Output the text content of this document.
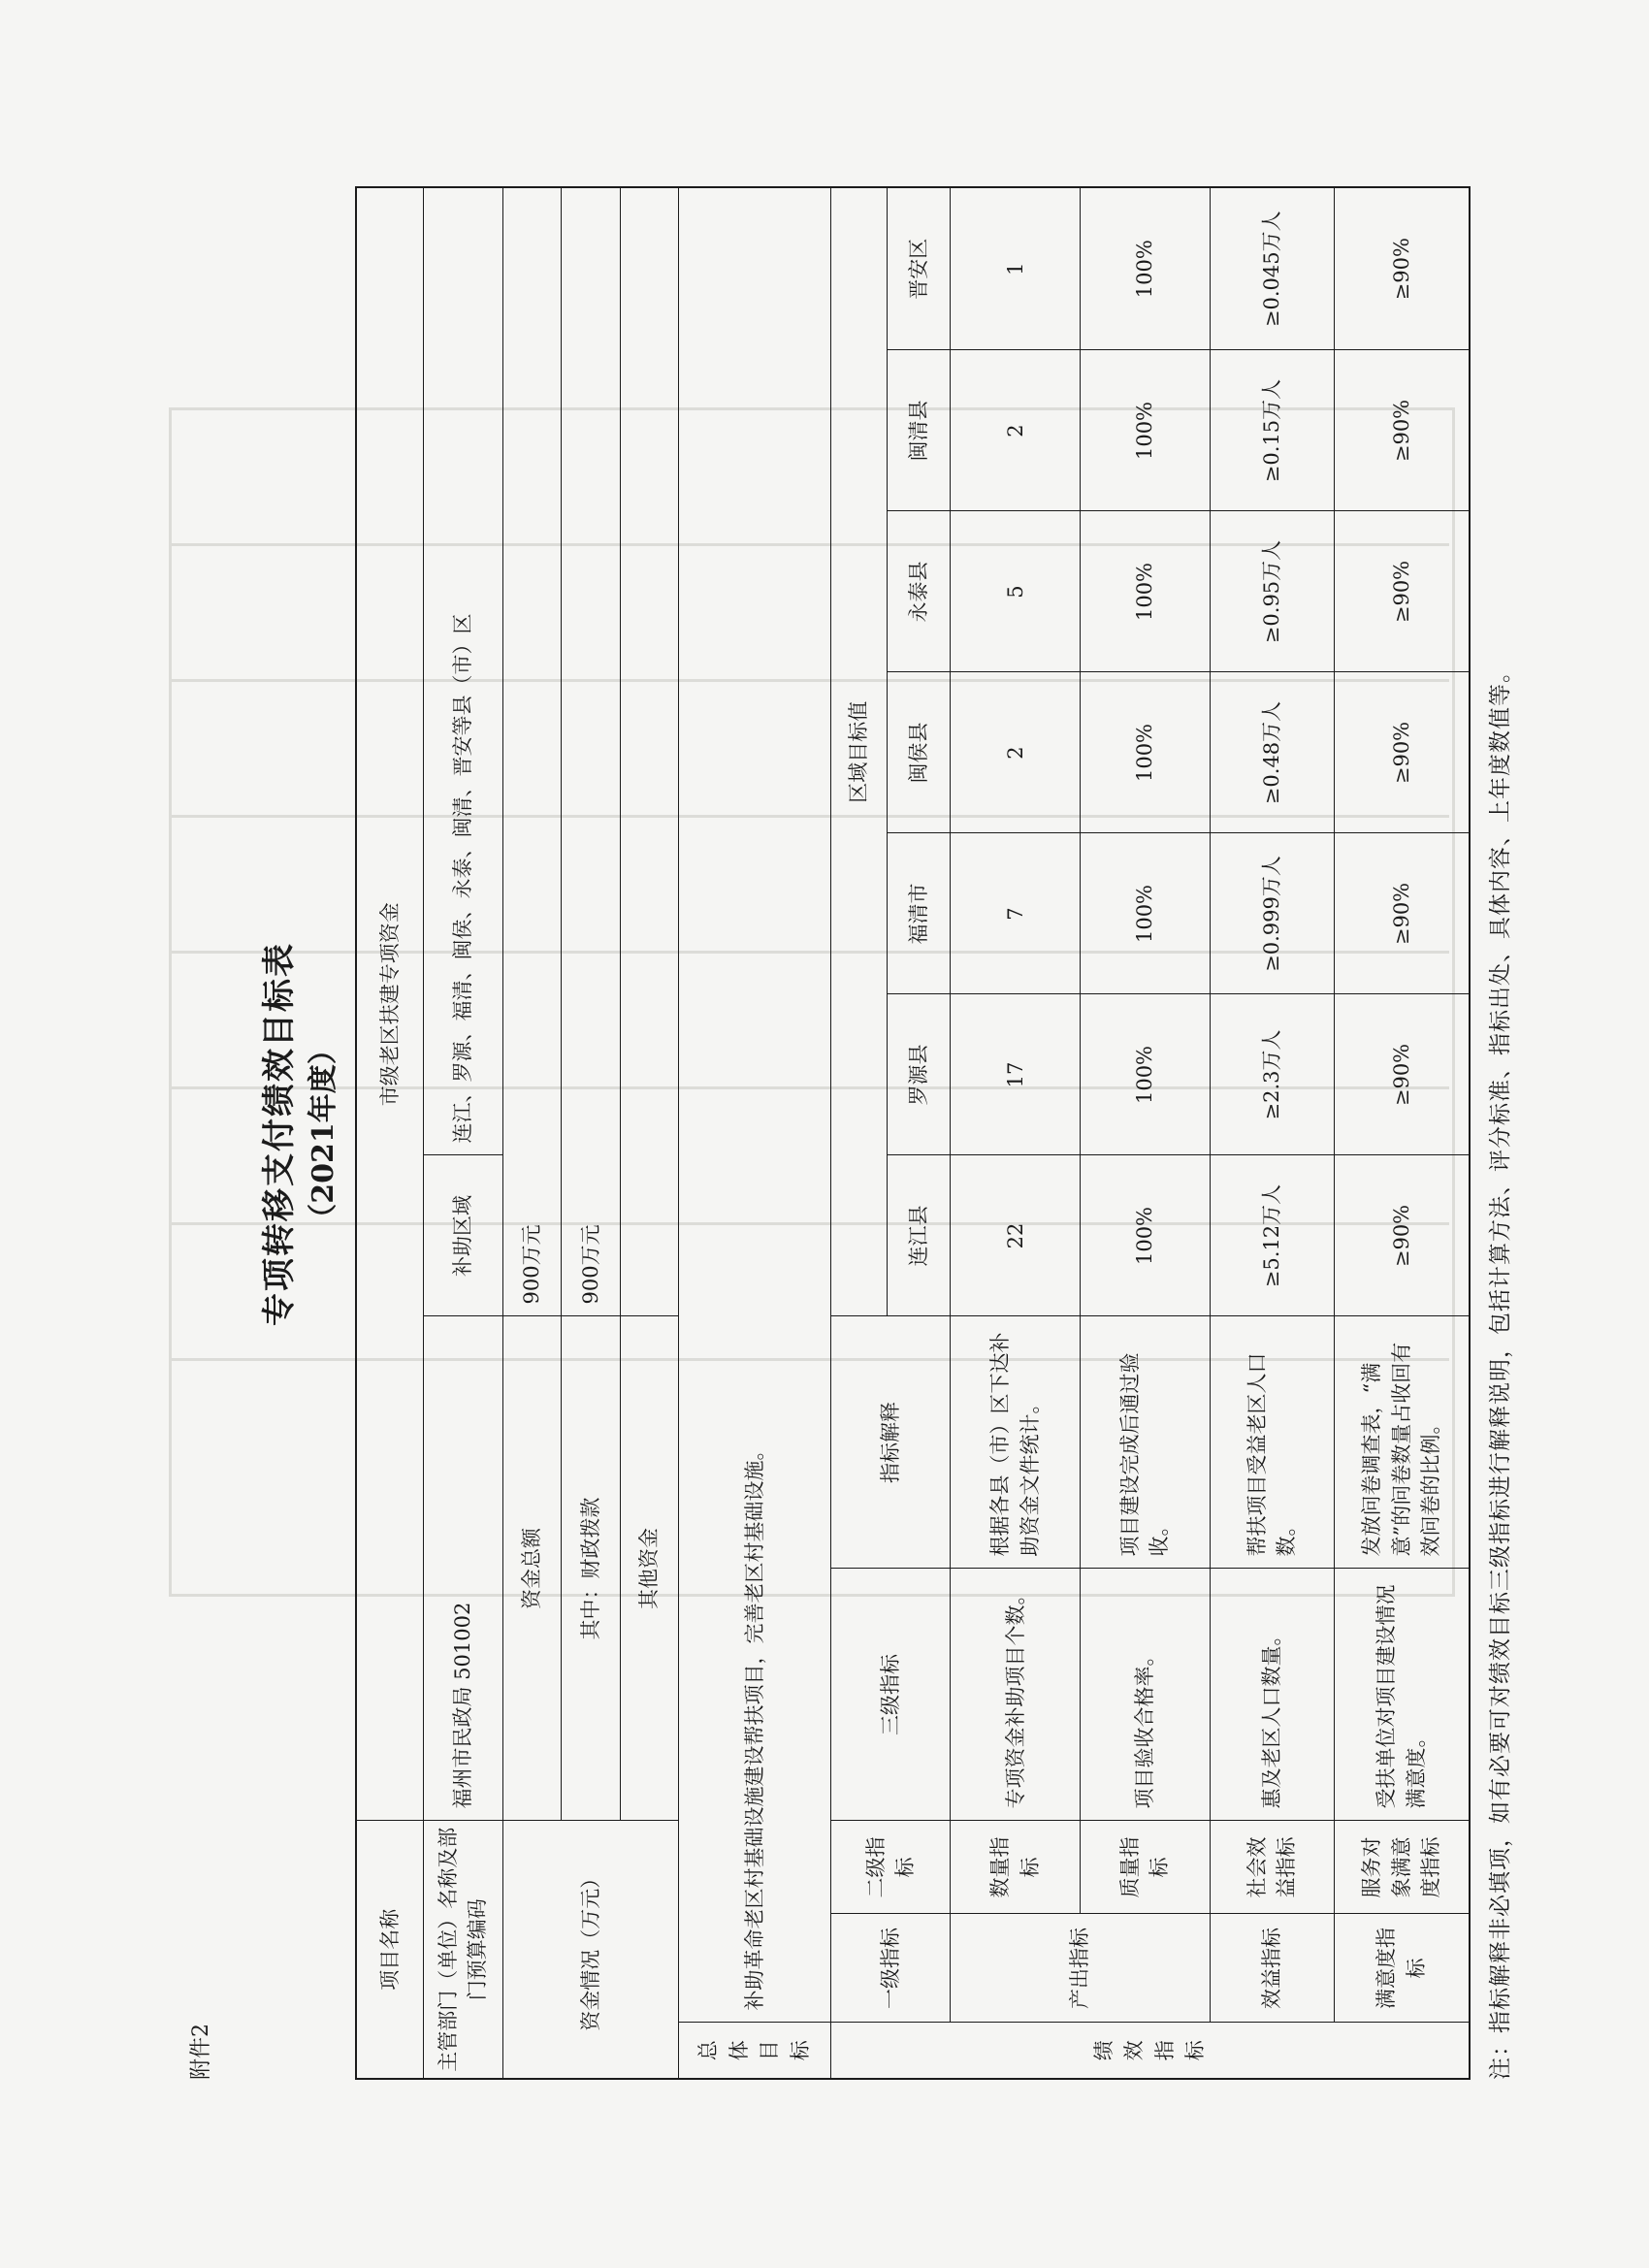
附件2
专项转移支付绩效目标表 （2021年度）
项目名称			市级老区扶建专项资金								
主管部门（单位）名称及部门预算编码			福州市民政局 501002		补助区域	连江、罗源、福清、闽侯、永泰、闽清、晋安等县（市）区					
资金情况（万元）			资金总额		900万元						
			其中：财政拨款		900万元						
			其他资金								
总体目标	补助革命老区村基础设施建设帮扶项目，完善老区村基础设施。										
绩效指标	一级指标	二级指标	三级指标	指标解释	区域目标值						
					连江县	罗源县	福清市	闽侯县	永泰县	闽清县	晋安区
	产出指标	数量指标	专项资金补助项目个数。	根据各县（市）区下达补助资金文件统计。	22	17	7	2	5	2	1
		质量指标	项目验收合格率。	项目建设完成后通过验收。	100%	100%	100%	100%	100%	100%	100%
	效益指标	社会效益指标	惠及老区人口数量。	帮扶项目受益老区人口数。	≥5.12万人	≥2.3万人	≥0.999万人	≥0.48万人	≥0.95万人	≥0.15万人	≥0.045万人
	满意度指标	服务对象满意度指标	受扶单位对项目建设情况满意度。	发放问卷调查表，“满意”的问卷数量占收回有效问卷的比例。	≥90%	≥90%	≥90%	≥90%	≥90%	≥90%	≥90%
注：指标解释非必填项，如有必要可对绩效目标三级指标进行解释说明，包括计算方法、评分标准、指标出处、具体内容、上年度数值等。
